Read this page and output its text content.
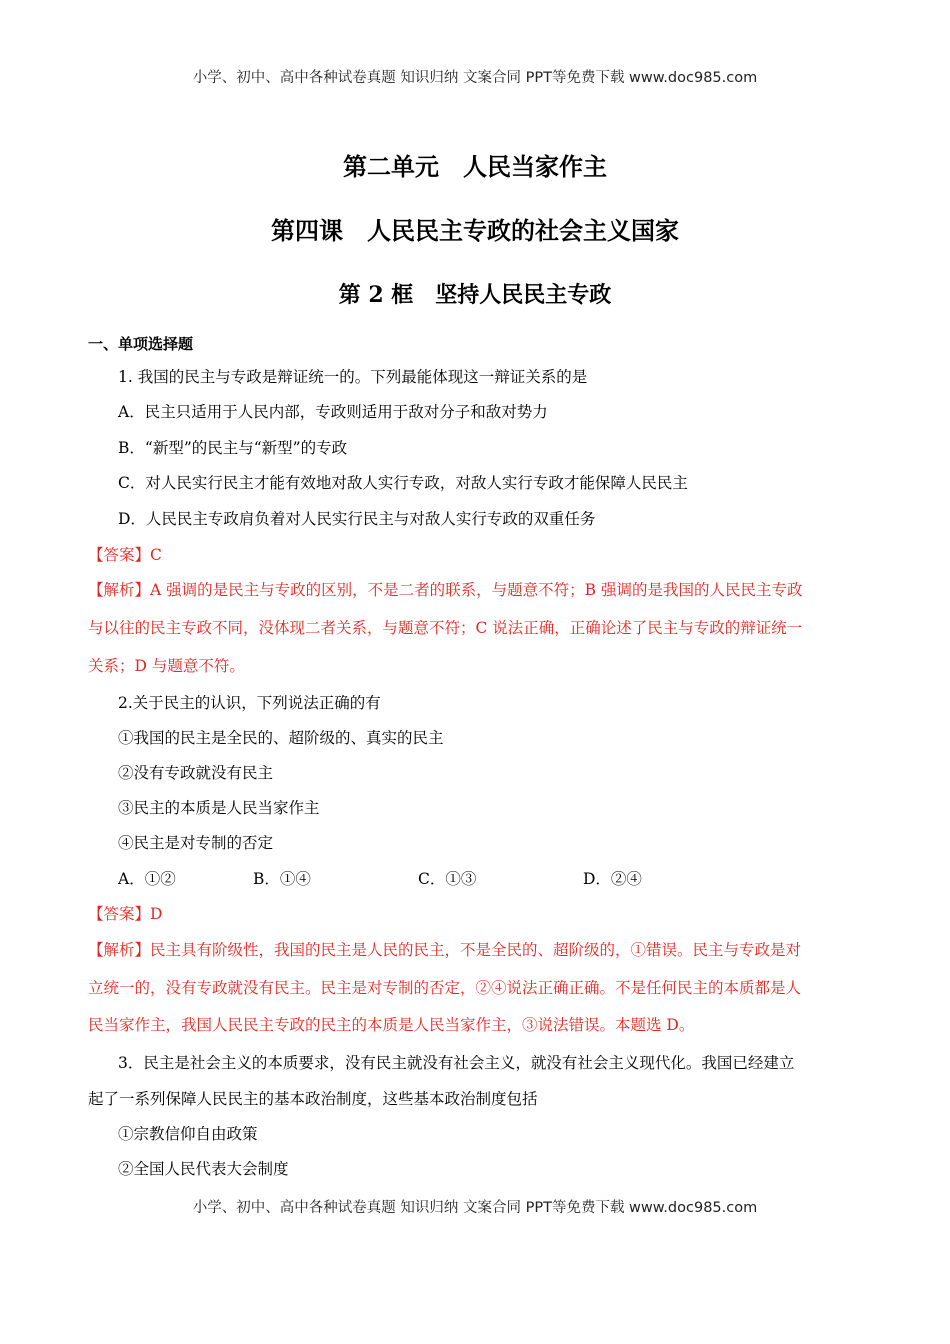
小学、初中、高中各种试卷真题 知识归纳 文案合同 PPT等免费下载 www.doc985.com
第二单元　人民当家作主
第四课　人民民主专政的社会主义国家
第 2 框　坚持人民民主专政
一、单项选择题
1. 我国的民主与专政是辩证统一的。下列最能体现这一辩证关系的是
A．民主只适用于人民内部，专政则适用于敌对分子和敌对势力
B．“新型”的民主与“新型”的专政
C．对人民实行民主才能有效地对敌人实行专政，对敌人实行专政才能保障人民民主
D．人民民主专政肩负着对人民实行民主与对敌人实行专政的双重任务
【答案】C
【解析】A 强调的是民主与专政的区别，不是二者的联系，与题意不符；B 强调的是我国的人民民主专政
与以往的民主专政不同，没体现二者关系，与题意不符；C 说法正确，正确论述了民主与专政的辩证统一
关系；D 与题意不符。
2.关于民主的认识，下列说法正确的有
①我国的民主是全民的、超阶级的、真实的民主
②没有专政就没有民主
③民主的本质是人民当家作主
④民主是对专制的否定
A．①②	B．①④	C．①③	D．②④
【答案】D
【解析】民主具有阶级性，我国的民主是人民的民主，不是全民的、超阶级的，①错误。民主与专政是对
立统一的，没有专政就没有民主。民主是对专制的否定，②④说法正确正确。不是任何民主的本质都是人
民当家作主，我国人民民主专政的民主的本质是人民当家作主，③说法错误。本题选 D。
3．民主是社会主义的本质要求，没有民主就没有社会主义，就没有社会主义现代化。我国已经建立
起了一系列保障人民民主的基本政治制度，这些基本政治制度包括
①宗教信仰自由政策
②全国人民代表大会制度
小学、初中、高中各种试卷真题 知识归纳 文案合同 PPT等免费下载 www.doc985.com
